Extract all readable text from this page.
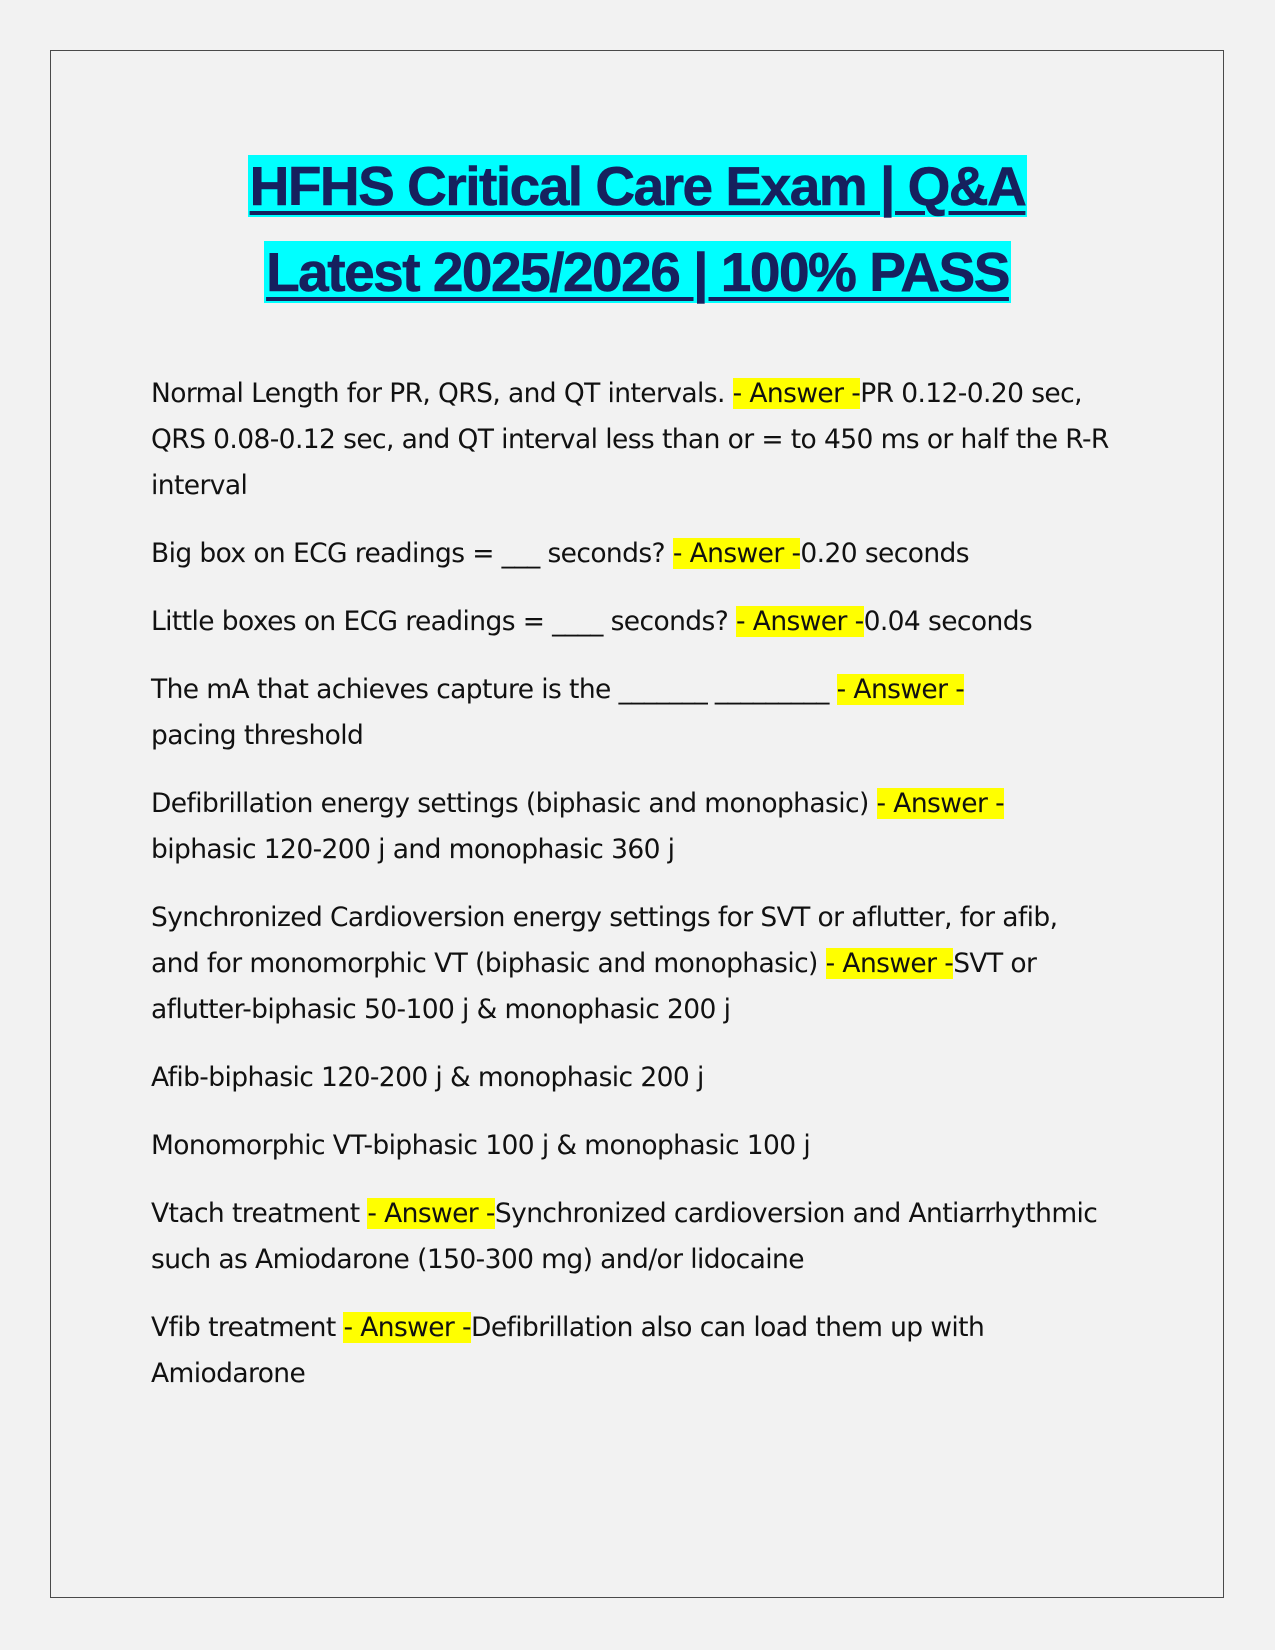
HFHS Critical Care Exam | Q&A
Latest 2025/2026 | 100% PASS

Normal Length for PR, QRS, and QT intervals. - Answer -PR 0.12-0.20 sec, QRS 0.08-0.12 sec, and QT interval less than or = to 450 ms or half the R-R interval

Big box on ECG readings = ___ seconds? - Answer -0.20 seconds

Little boxes on ECG readings = ____ seconds? - Answer -0.04 seconds

The mA that achieves capture is the _______ _________ - Answer -
pacing threshold

Defibrillation energy settings (biphasic and monophasic) - Answer -
biphasic 120-200 j and monophasic 360 j

Synchronized Cardioversion energy settings for SVT or aflutter, for afib, and for monomorphic VT (biphasic and monophasic) - Answer -SVT or aflutter-biphasic 50-100 j & monophasic 200 j

Afib-biphasic 120-200 j & monophasic 200 j

Monomorphic VT-biphasic 100 j & monophasic 100 j

Vtach treatment - Answer -Synchronized cardioversion and Antiarrhythmic such as Amiodarone (150-300 mg) and/or lidocaine

Vfib treatment - Answer -Defibrillation also can load them up with Amiodarone
